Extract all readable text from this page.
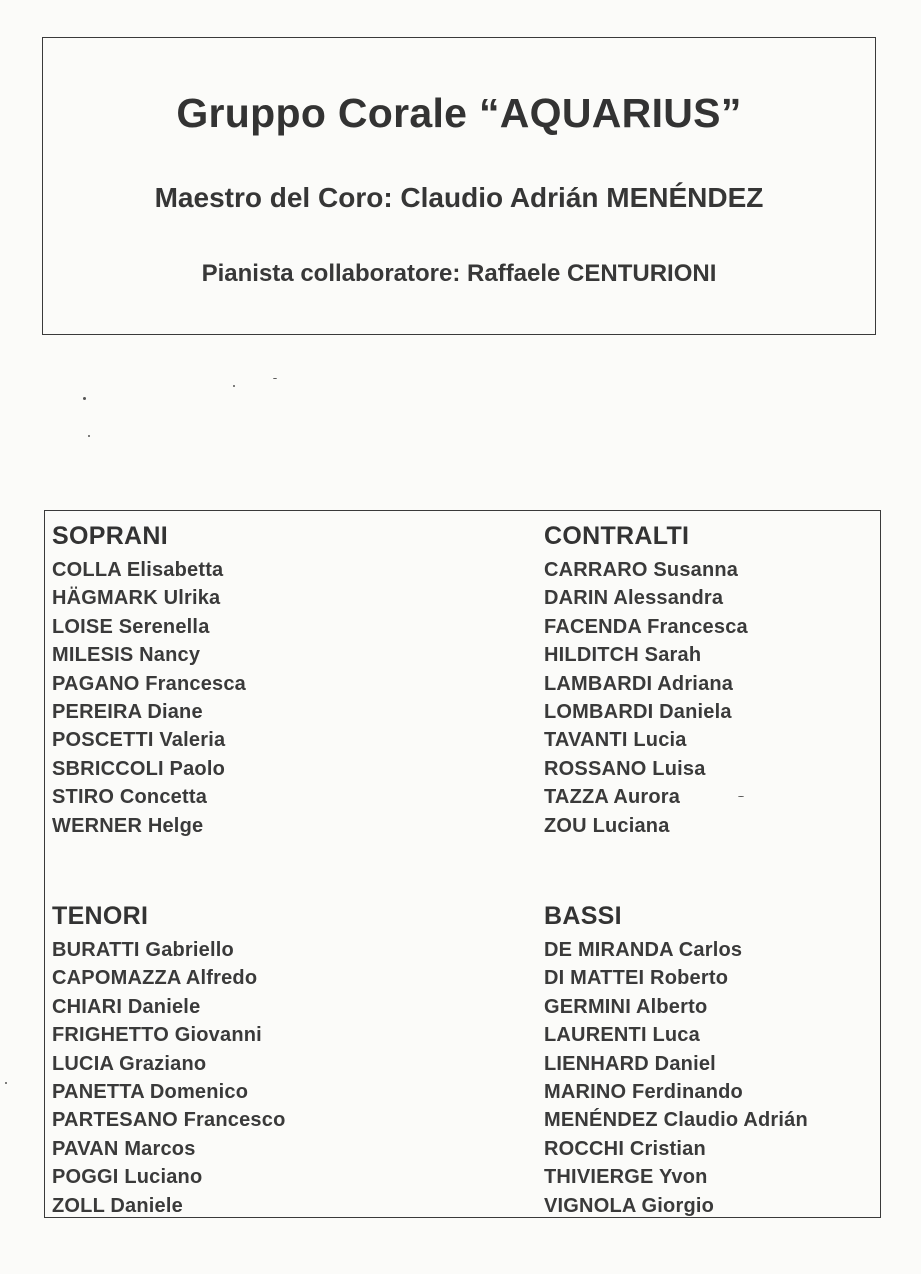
Gruppo Corale “AQUARIUS”
Maestro del Coro: Claudio Adrián MENÉNDEZ
Pianista collaboratore: Raffaele CENTURIONI
SOPRANI
COLLA Elisabetta
HÄGMARK Ulrika
LOISE Serenella
MILESIS Nancy
PAGANO Francesca
PEREIRA Diane
POSCETTI Valeria
SBRICCOLI Paolo
STIRO Concetta
WERNER Helge
CONTRALTI
CARRARO Susanna
DARIN Alessandra
FACENDA Francesca
HILDITCH Sarah
LAMBARDI Adriana
LOMBARDI Daniela
TAVANTI Lucia
ROSSANO Luisa
TAZZA Aurora
ZOU Luciana
TENORI
BURATTI Gabriello
CAPOMAZZA Alfredo
CHIARI Daniele
FRIGHETTO Giovanni
LUCIA Graziano
PANETTA Domenico
PARTESANO Francesco
PAVAN Marcos
POGGI Luciano
ZOLL Daniele
BASSI
DE MIRANDA Carlos
DI MATTEI Roberto
GERMINI Alberto
LAURENTI Luca
LIENHARD Daniel
MARINO Ferdinando
MENÉNDEZ Claudio Adrián
ROCCHI Cristian
THIVIERGE Yvon
VIGNOLA Giorgio
